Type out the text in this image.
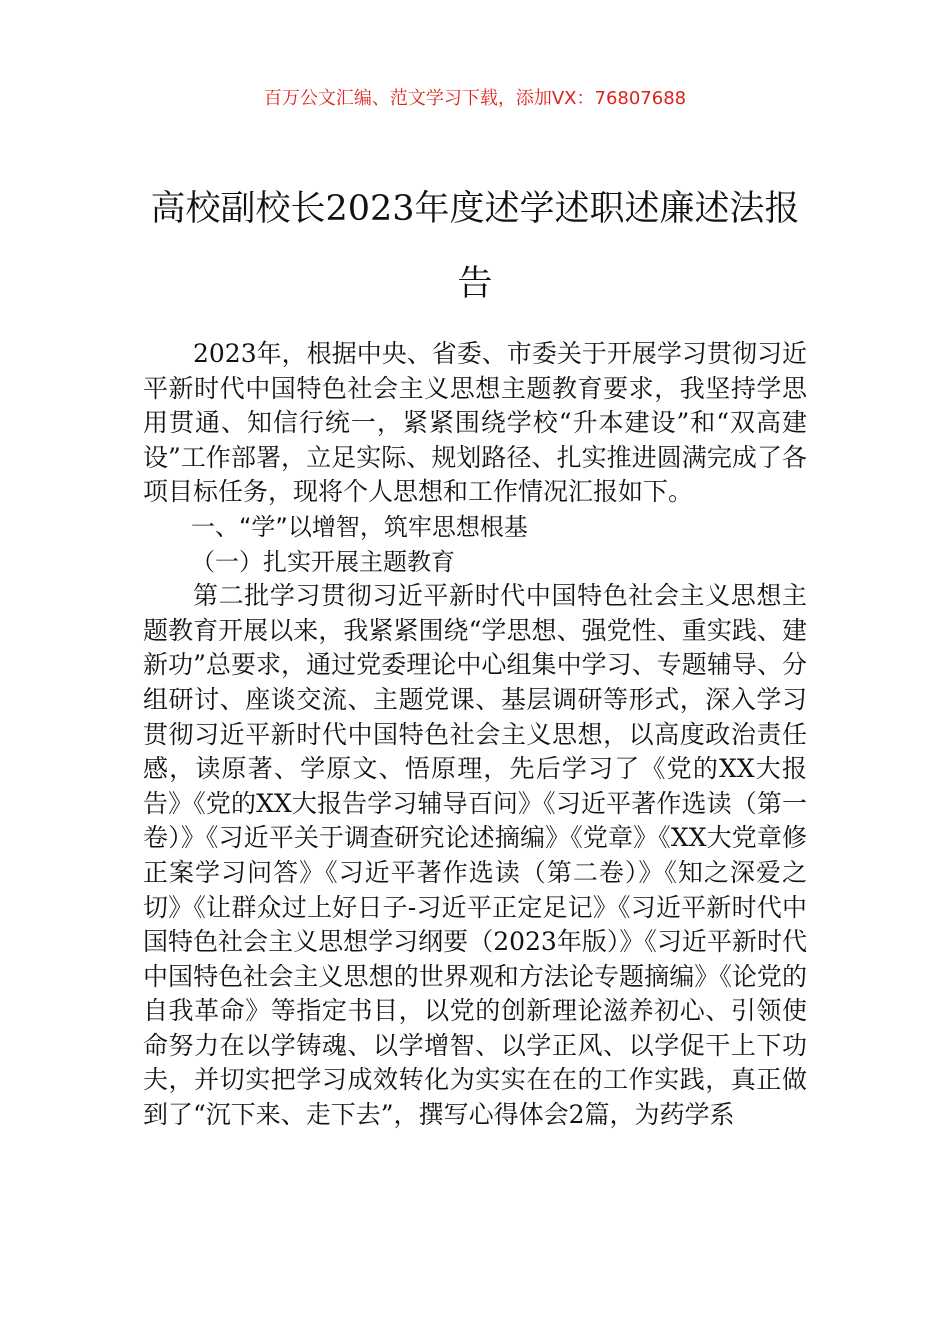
百万公文汇编、范文学习下载，添加VX：76807688
高校副校长2023年度述学述职述廉述法报告

2023年，根据中央、省委、市委关于开展学习贯彻习近平新时代中国特色社会主义思想主题教育要求，我坚持学思用贯通、知信行统一，紧紧围绕学校“升本建设”和“双高建设”工作部署，立足实际、规划路径、扎实推进圆满完成了各项目标任务，现将个人思想和工作情况汇报如下。

一、“学”以增智，筑牢思想根基

（一）扎实开展主题教育

第二批学习贯彻习近平新时代中国特色社会主义思想主题教育开展以来，我紧紧围绕“学思想、强党性、重实践、建新功”总要求，通过党委理论中心组集中学习、专题辅导、分组研讨、座谈交流、主题党课、基层调研等形式，深入学习贯彻习近平新时代中国特色社会主义思想，以高度政治责任感，读原著、学原文、悟原理，先后学习了《党的XX大报告》《党的XX大报告学习辅导百问》《习近平著作选读（第一卷）》《习近平关于调查研究论述摘编》《党章》《XX大党章修正案学习问答》《习近平著作选读（第二卷）》《知之深爱之切》《让群众过上好日子-习近平正定足记》《习近平新时代中国特色社会主义思想学习纲要（2023年版）》《习近平新时代中国特色社会主义思想的世界观和方法论专题摘编》《论党的自我革命》等指定书目，以党的创新理论滋养初心、引领使命努力在以学铸魂、以学增智、以学正风、以学促干上下功夫，并切实把学习成效转化为实实在在的工作实践，真正做到了“沉下来、走下去”，撰写心得体会2篇，为药学系
